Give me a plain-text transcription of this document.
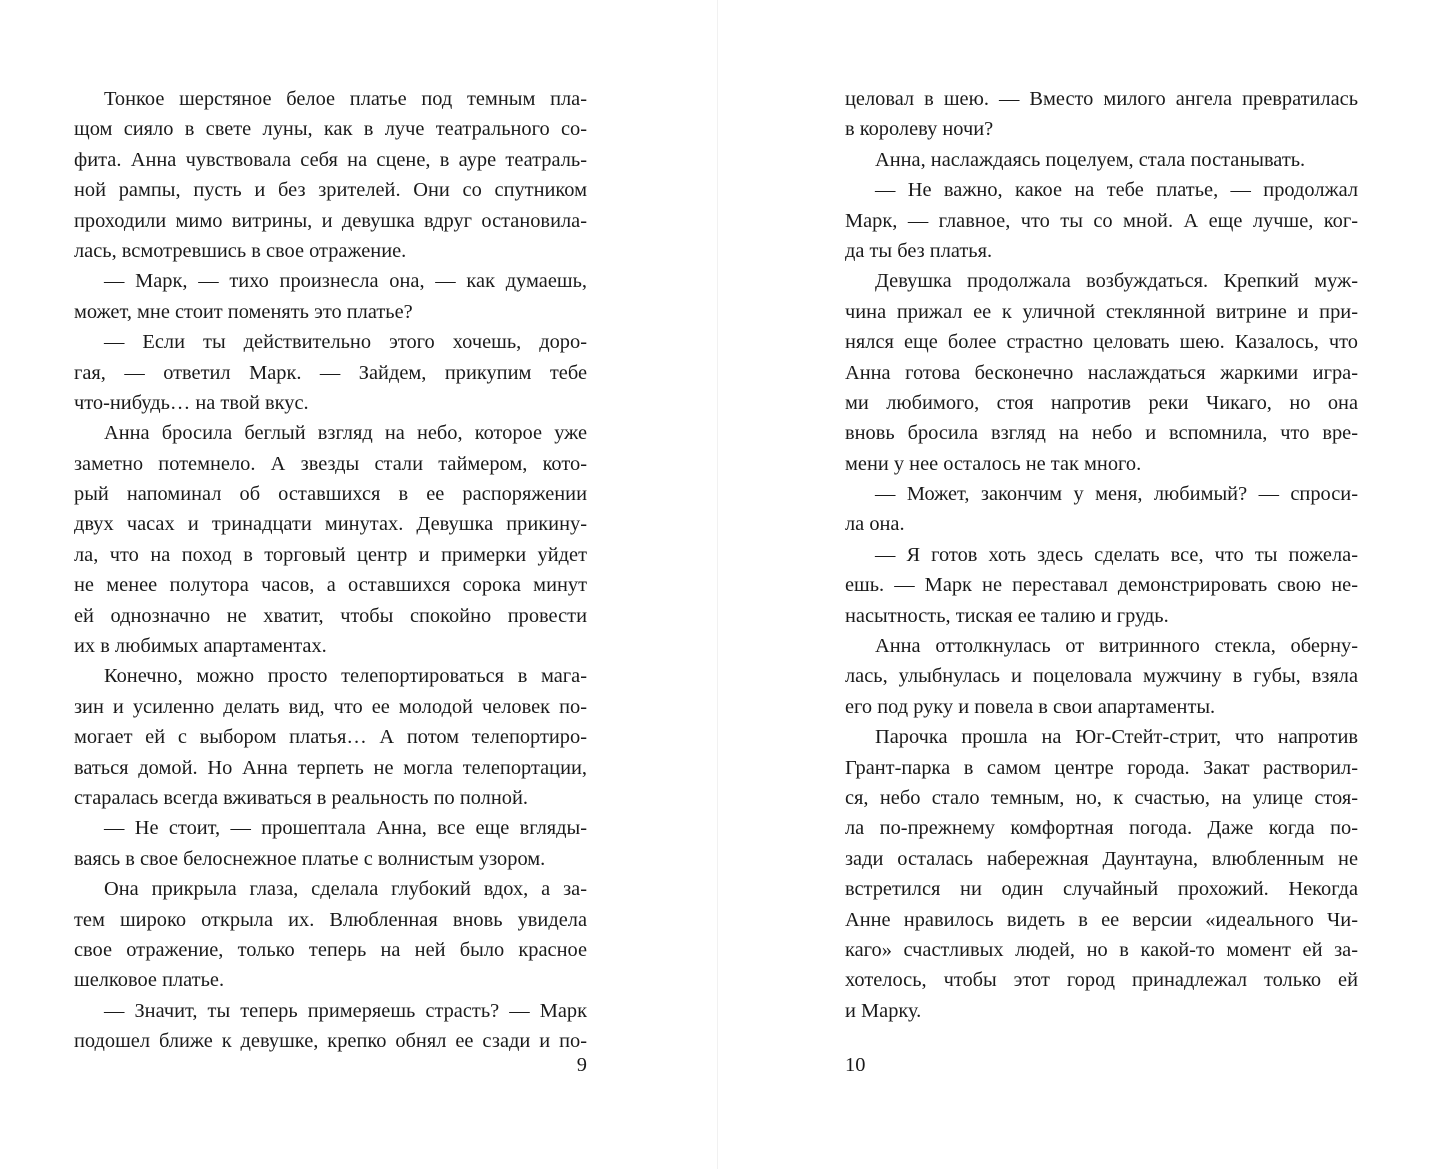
Тонкое шерстяное белое платье под темным пла-
щом сияло в свете луны, как в луче театрального со-
фита. Анна чувствовала себя на сцене, в ауре театраль-
ной рампы, пусть и без зрителей. Они со спутником
проходили мимо витрины, и девушка вдруг остановила-
лась, всмотревшись в свое отражение.
— Марк, — тихо произнесла она, — как думаешь,
может, мне стоит поменять это платье?
— Если ты действительно этого хочешь, доро-
гая, — ответил Марк. — Зайдем, прикупим тебе
что-нибудь… на твой вкус.
Анна бросила беглый взгляд на небо, которое уже
заметно потемнело. А звезды стали таймером, кото-
рый напоминал об оставшихся в ее распоряжении
двух часах и тринадцати минутах. Девушка прикину-
ла, что на поход в торговый центр и примерки уйдет
не менее полутора часов, а оставшихся сорока минут
ей однозначно не хватит, чтобы спокойно провести
их в любимых апартаментах.
Конечно, можно просто телепортироваться в мага-
зин и усиленно делать вид, что ее молодой человек по-
могает ей с выбором платья… А потом телепортиро-
ваться домой. Но Анна терпеть не могла телепортации,
старалась всегда вживаться в реальность по полной.
— Не стоит, — прошептала Анна, все еще вгляды-
ваясь в свое белоснежное платье с волнистым узором.
Она прикрыла глаза, сделала глубокий вдох, а за-
тем широко открыла их. Влюбленная вновь увидела
свое отражение, только теперь на ней было красное
шелковое платье.
— Значит, ты теперь примеряешь страсть? — Марк
подошел ближе к девушке, крепко обнял ее сзади и по-
9
целовал в шею. — Вместо милого ангела превратилась
в королеву ночи?
Анна, наслаждаясь поцелуем, стала постанывать.
— Не важно, какое на тебе платье, — продолжал
Марк, — главное, что ты со мной. А еще лучше, ког-
да ты без платья.
Девушка продолжала возбуждаться. Крепкий муж-
чина прижал ее к уличной стеклянной витрине и при-
нялся еще более страстно целовать шею. Казалось, что
Анна готова бесконечно наслаждаться жаркими игра-
ми любимого, стоя напротив реки Чикаго, но она
вновь бросила взгляд на небо и вспомнила, что вре-
мени у нее осталось не так много.
— Может, закончим у меня, любимый? — спроси-
ла она.
— Я готов хоть здесь сделать все, что ты пожела-
ешь. — Марк не переставал демонстрировать свою не-
насытность, тиская ее талию и грудь.
Анна оттолкнулась от витринного стекла, оберну-
лась, улыбнулась и поцеловала мужчину в губы, взяла
его под руку и повела в свои апартаменты.
Парочка прошла на Юг-Стейт-стрит, что напротив
Грант-парка в самом центре города. Закат растворил-
ся, небо стало темным, но, к счастью, на улице стоя-
ла по-прежнему комфортная погода. Даже когда по-
зади осталась набережная Даунтауна, влюбленным не
встретился ни один случайный прохожий. Некогда
Анне нравилось видеть в ее версии «идеального Чи-
каго» счастливых людей, но в какой-то момент ей за-
хотелось, чтобы этот город принадлежал только ей
и Марку.
10
